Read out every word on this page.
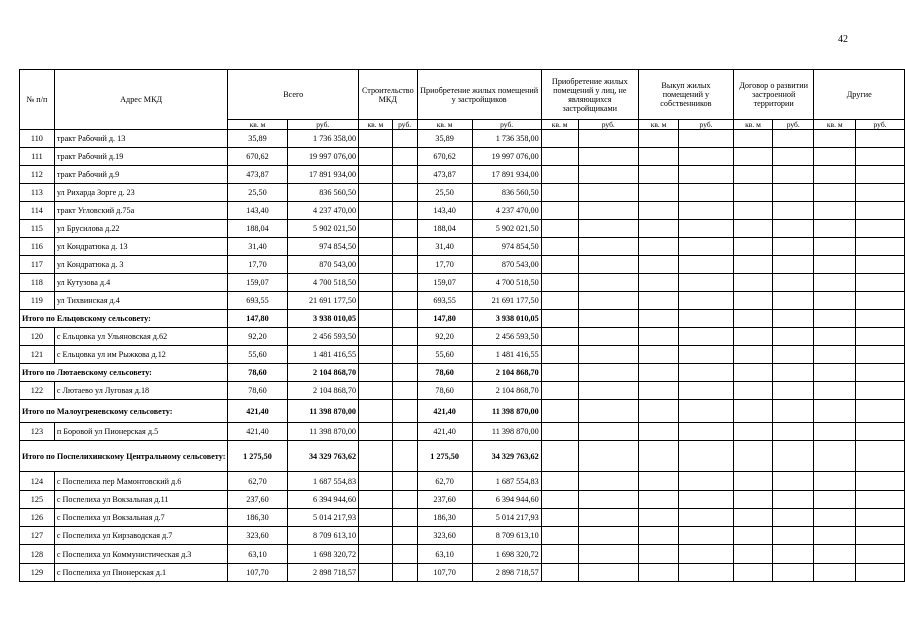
42
№ п/п	Адрес МКД	Всего		Строительство МКД		Приобретение жилых помещений у застройщиков		Приобретение жилых помещений у лиц, не являющихся застройщиками		Выкуп жилых помещений у собственников		Договор о развитии застроенной территории		Другие	
		кв. м	руб.	кв. м	руб.	кв. м	руб.	кв. м	руб.	кв. м	руб.	кв. м	руб.	кв. м	руб.
110	тракт Рабочий д. 13	35,89	1 736 358,00			35,89	1 736 358,00								
111	тракт Рабочий д.19	670,62	19 997 076,00			670,62	19 997 076,00								
112	тракт Рабочий д.9	473,87	17 891 934,00			473,87	17 891 934,00								
113	ул Рихарда Зорге д. 23	25,50	836 560,50			25,50	836 560,50								
114	тракт Угловский д.75а	143,40	4 237 470,00			143,40	4 237 470,00								
115	ул Брусилова д.22	188,04	5 902 021,50			188,04	5 902 021,50								
116	ул Кондратюка д. 13	31,40	974 854,50			31,40	974 854,50								
117	ул Кондратюка д. 3	17,70	870 543,00			17,70	870 543,00								
118	ул Кутузова д.4	159,07	4 700 518,50			159,07	4 700 518,50								
119	ул Тихвинская д.4	693,55	21 691 177,50			693,55	21 691 177,50								
Итого по Ельцовскому сельсовету:		147,80	3 938 010,05			147,80	3 938 010,05								
120	с Ельцовка ул Ульяновская д.62	92,20	2 456 593,50			92,20	2 456 593,50								
121	с Ельцовка ул им Рыжкова д.12	55,60	1 481 416,55			55,60	1 481 416,55								
Итого по Лютаевскому сельсовету:		78,60	2 104 868,70			78,60	2 104 868,70								
122	с Лютаево ул Луговая д.18	78,60	2 104 868,70			78,60	2 104 868,70								
Итого по Малоугреневскому сельсовету:		421,40	11 398 870,00			421,40	11 398 870,00								
123	п Боровой ул Пионерская д.5	421,40	11 398 870,00			421,40	11 398 870,00								
Итого по Поспелихинскому Центральному сельсовету:		1 275,50	34 329 763,62			1 275,50	34 329 763,62								
124	с Поспелиха пер Мамонтовский д.6	62,70	1 687 554,83			62,70	1 687 554,83								
125	с Поспелиха ул Вокзальная д.11	237,60	6 394 944,60			237,60	6 394 944,60								
126	с Поспелиха ул Вокзальная д.7	186,30	5 014 217,93			186,30	5 014 217,93								
127	с Поспелиха ул Кирзаводская д.7	323,60	8 709 613,10			323,60	8 709 613,10								
128	с Поспелиха ул Коммунистическая д.3	63,10	1 698 320,72			63,10	1 698 320,72								
129	с Поспелиха ул Пионерская д.1	107,70	2 898 718,57			107,70	2 898 718,57								
